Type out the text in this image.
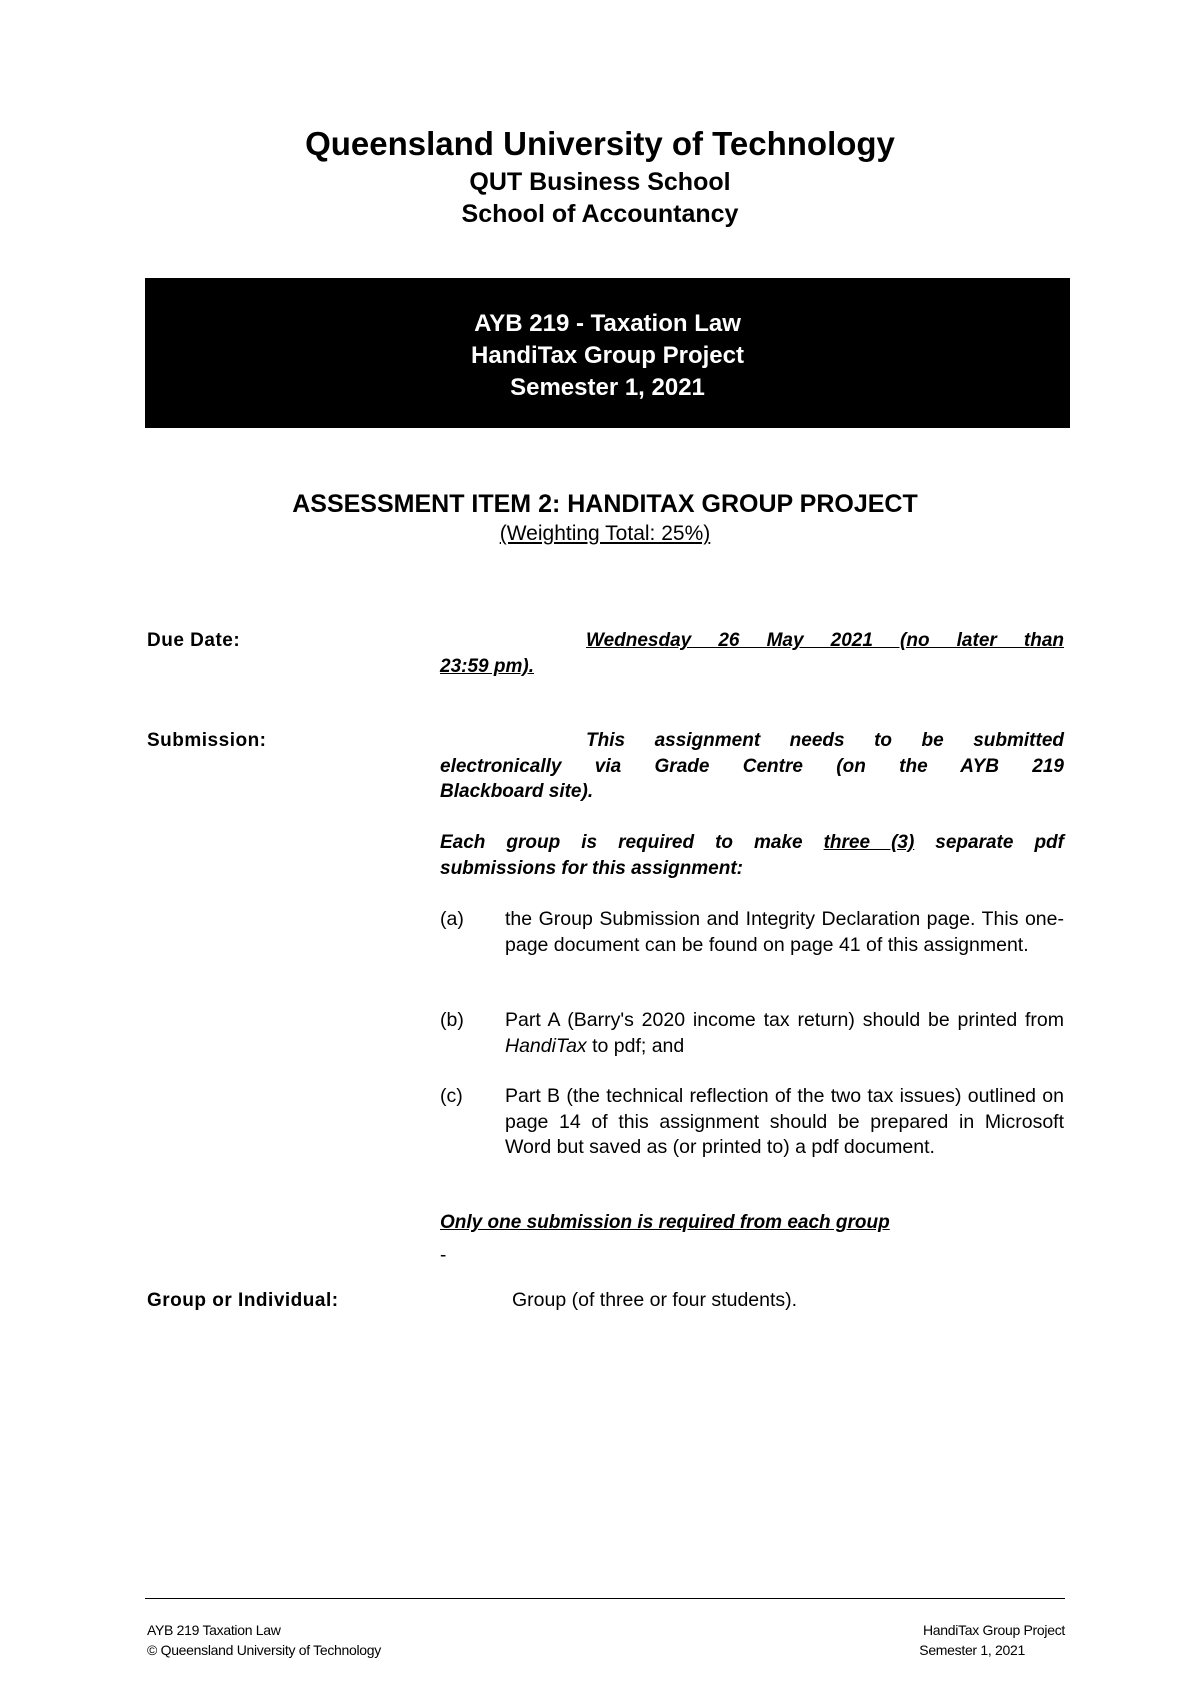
Queensland University of Technology
QUT Business School
School of Accountancy
AYB 219 - Taxation Law
HandiTax Group Project
Semester 1, 2021
ASSESSMENT ITEM 2: HANDITAX GROUP PROJECT
(Weighting Total: 25%)
Due Date:	Wednesday 26 May 2021 (no later than
23:59 pm).
Submission:	This assignment needs to be submitted
electronically via Grade Centre (on the AYB 219
Blackboard site).
Each group is required to make three (3) separate pdf
submissions for this assignment:
(a)	the Group Submission and Integrity Declaration page. This one-page document can be found on page 41 of this assignment.
(b)	Part A (Barry's 2020 income tax return) should be printed from HandiTax to pdf; and
(c)	Part B (the technical reflection of the two tax issues) outlined on page 14 of this assignment should be prepared in Microsoft Word but saved as (or printed to) a pdf document.
Only one submission is required from each group
-
Group or Individual:	Group (of three or four students).
AYB 219 Taxation Law
© Queensland University of Technology
HandiTax Group Project
Semester 1, 2021
